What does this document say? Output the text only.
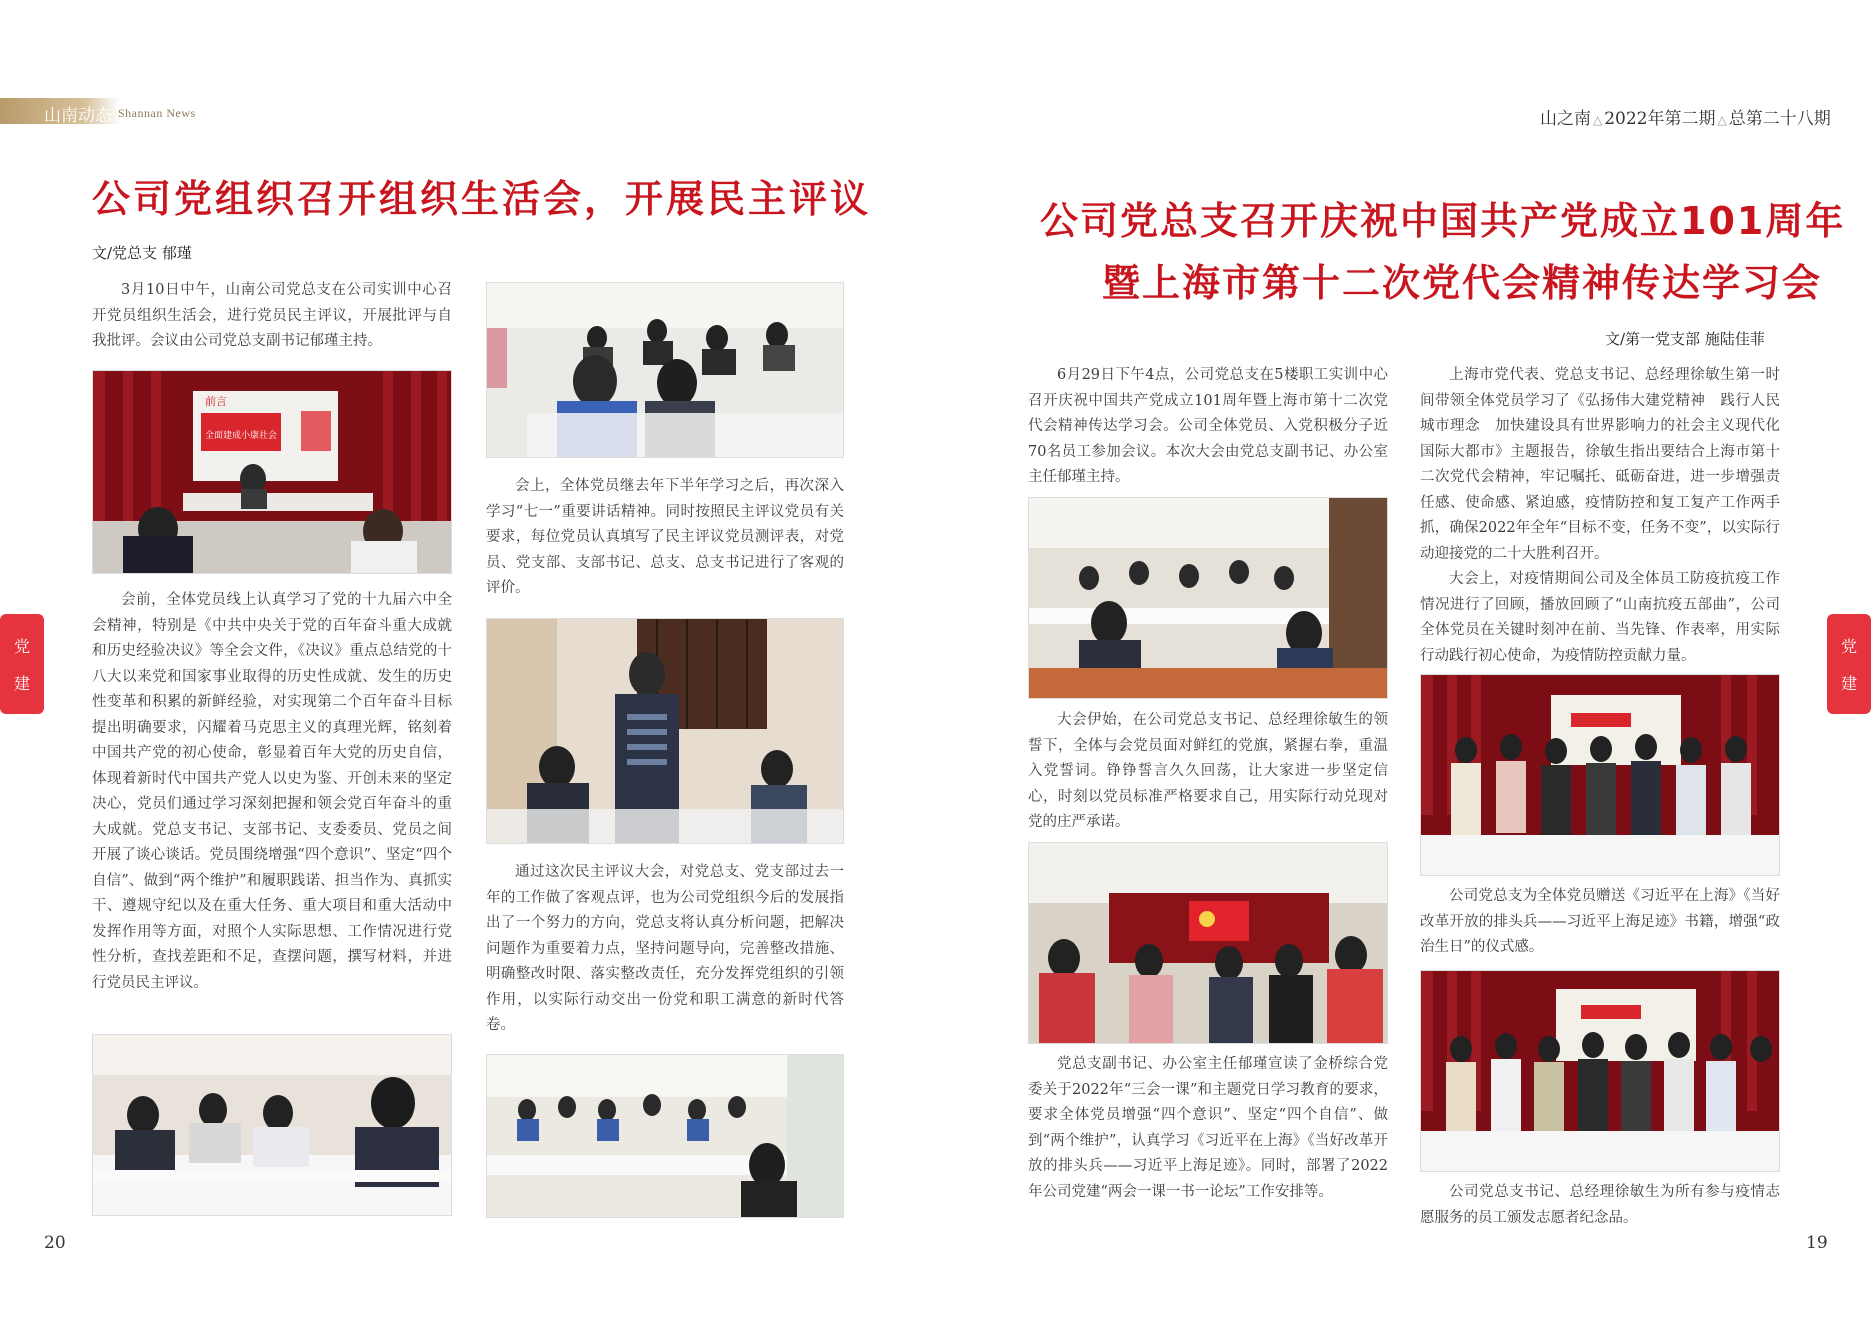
山南动态 Shannan News	山之南 △ 2022年第二期 △ 总第二十八期
公司党组织召开组织生活会，开展民主评议
文/党总支 郁瑾

3月10日中午，山南公司党总支在公司实训中心召开党员组织生活会，进行党员民主评议，开展批评与自我批评。会议由公司党总支副书记郁瑾主持。

前言
全面建成小康社会

会前，全体党员线上认真学习了党的十九届六中全会精神，特别是《中共中央关于党的百年奋斗重大成就和历史经验决议》等全会文件，《决议》重点总结党的十八大以来党和国家事业取得的历史性成就、发生的历史性变革和积累的新鲜经验，对实现第二个百年奋斗目标提出明确要求，闪耀着马克思主义的真理光辉，铭刻着中国共产党的初心使命，彰显着百年大党的历史自信，体现着新时代中国共产党人以史为鉴、开创未来的坚定决心，党员们通过学习深刻把握和领会党百年奋斗的重大成就。党总支书记、支部书记、支委委员、党员之间开展了谈心谈话。党员围绕增强“四个意识”、坚定“四个自信”、做到“两个维护”和履职践诺、担当作为、真抓实干、遵规守纪以及在重大任务、重大项目和重大活动中发挥作用等方面，对照个人实际思想、工作情况进行党性分析，查找差距和不足，查摆问题，撰写材料，并进行党员民主评议。

会上，全体党员继去年下半年学习之后，再次深入学习“七一”重要讲话精神。同时按照民主评议党员有关要求，每位党员认真填写了民主评议党员测评表，对党员、党支部、支部书记、总支、总支书记进行了客观的评价。

通过这次民主评议大会，对党总支、党支部过去一年的工作做了客观点评，也为公司党组织今后的发展指出了一个努力的方向，党总支将认真分析问题，把解决问题作为重要着力点，坚持问题导向，完善整改措施、明确整改时限、落实整改责任，充分发挥党组织的引领作用，以实际行动交出一份党和职工满意的新时代答卷。

公司党总支召开庆祝中国共产党成立101周年
暨上海市第十二次党代会精神传达学习会
文/第一党支部 施陆佳菲

6月29日下午4点，公司党总支在5楼职工实训中心召开庆祝中国共产党成立101周年暨上海市第十二次党代会精神传达学习会。公司全体党员、入党积极分子近70名员工参加会议。本次大会由党总支副书记、办公室主任郁瑾主持。

大会伊始，在公司党总支书记、总经理徐敏生的领誓下，全体与会党员面对鲜红的党旗，紧握右拳，重温入党誓词。铮铮誓言久久回荡，让大家进一步坚定信心，时刻以党员标准严格要求自己，用实际行动兑现对党的庄严承诺。

党总支副书记、办公室主任郁瑾宣读了金桥综合党委关于2022年“三会一课”和主题党日学习教育的要求，要求全体党员增强“四个意识”、坚定“四个自信”、做到“两个维护”，认真学习《习近平在上海》《当好改革开放的排头兵——习近平上海足迹》。同时，部署了2022年公司党建“两会一课一书一论坛”工作安排等。

上海市党代表、党总支书记、总经理徐敏生第一时间带领全体党员学习了《弘扬伟大建党精神　践行人民城市理念　加快建设具有世界影响力的社会主义现代化国际大都市》主题报告，徐敏生指出要结合上海市第十二次党代会精神，牢记嘱托、砥砺奋进，进一步增强责任感、使命感、紧迫感，疫情防控和复工复产工作两手抓，确保2022年全年“目标不变，任务不变”，以实际行动迎接党的二十大胜利召开。

大会上，对疫情期间公司及全体员工防疫抗疫工作情况进行了回顾，播放回顾了“山南抗疫五部曲”，公司全体党员在关键时刻冲在前、当先锋、作表率，用实际行动践行初心使命，为疫情防控贡献力量。

公司党总支为全体党员赠送《习近平在上海》《当好改革开放的排头兵——习近平上海足迹》书籍，增强“政治生日”的仪式感。

公司党总支书记、总经理徐敏生为所有参与疫情志愿服务的员工颁发志愿者纪念品。

党
建
党
建
20	19
